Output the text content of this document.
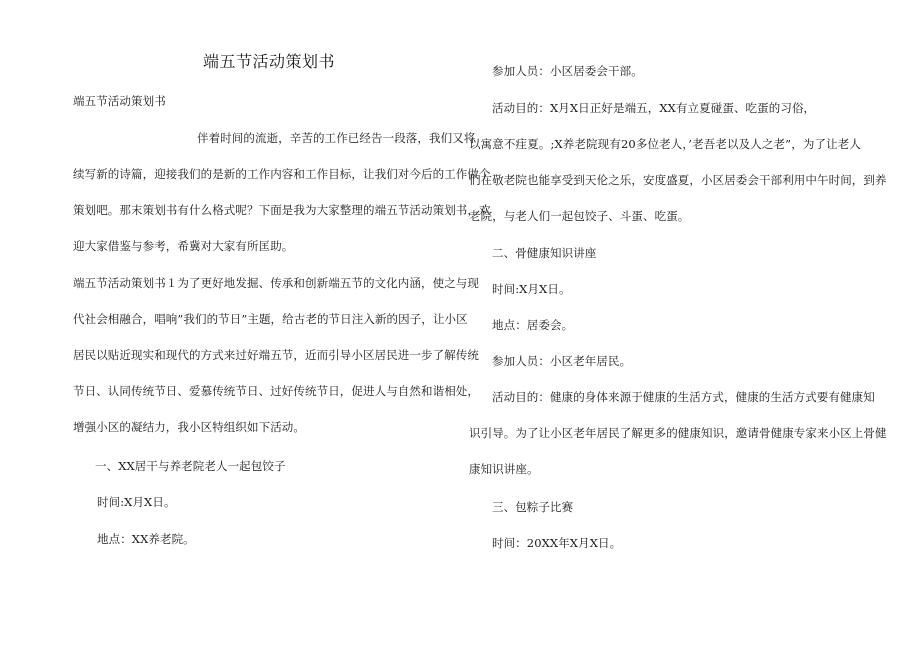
端五节活动策划书
端五节活动策划书
伴着时间的流逝，辛苦的工作已经告一段落，我们又将
续写新的诗篇，迎接我们的是新的工作内容和工作目标，让我们对今后的工作做个
策划吧。那末策划书有什么格式呢？下面是我为大家整理的端五节活动策划书，欢
迎大家借鉴与参考，希冀对大家有所匡助。
端五节活动策划书１为了更好地发掘、传承和创新端五节的文化内涵，使之与现
代社会相融合，唱响”我们的节日”主题，给古老的节日注入新的因子，让小区
居民以贴近现实和现代的方式来过好端五节，近而引导小区居民进一步了解传统
节日、认同传统节日、爱慕传统节日、过好传统节日，促进人与自然和谐相处，
增强小区的凝结力，我小区特组织如下活动。
一、XX居干与养老院老人一起包饺子
时间:X月X日。
地点：XX养老院。
参加人员：小区居委会干部。
活动目的：X月X日正好是端五，XX有立夏碰蛋、吃蛋的习俗，
以寓意不疰夏。;X养老院现有20多位老人，’老吾老以及人之老”，为了让老人
们在敬老院也能享受到天伦之乐，安度盛夏，小区居委会干部利用中午时间，到养
老院，与老人们一起包饺子、斗蛋、吃蛋。
二、骨健康知识讲座
时间:X月X日。
地点：居委会。
参加人员：小区老年居民。
活动目的：健康的身体来源于健康的生活方式，健康的生活方式要有健康知
识引导。为了让小区老年居民了解更多的健康知识，邀请骨健康专家来小区上骨健
康知识讲座。
三、包粽子比赛
时间：20XX年X月X日。
